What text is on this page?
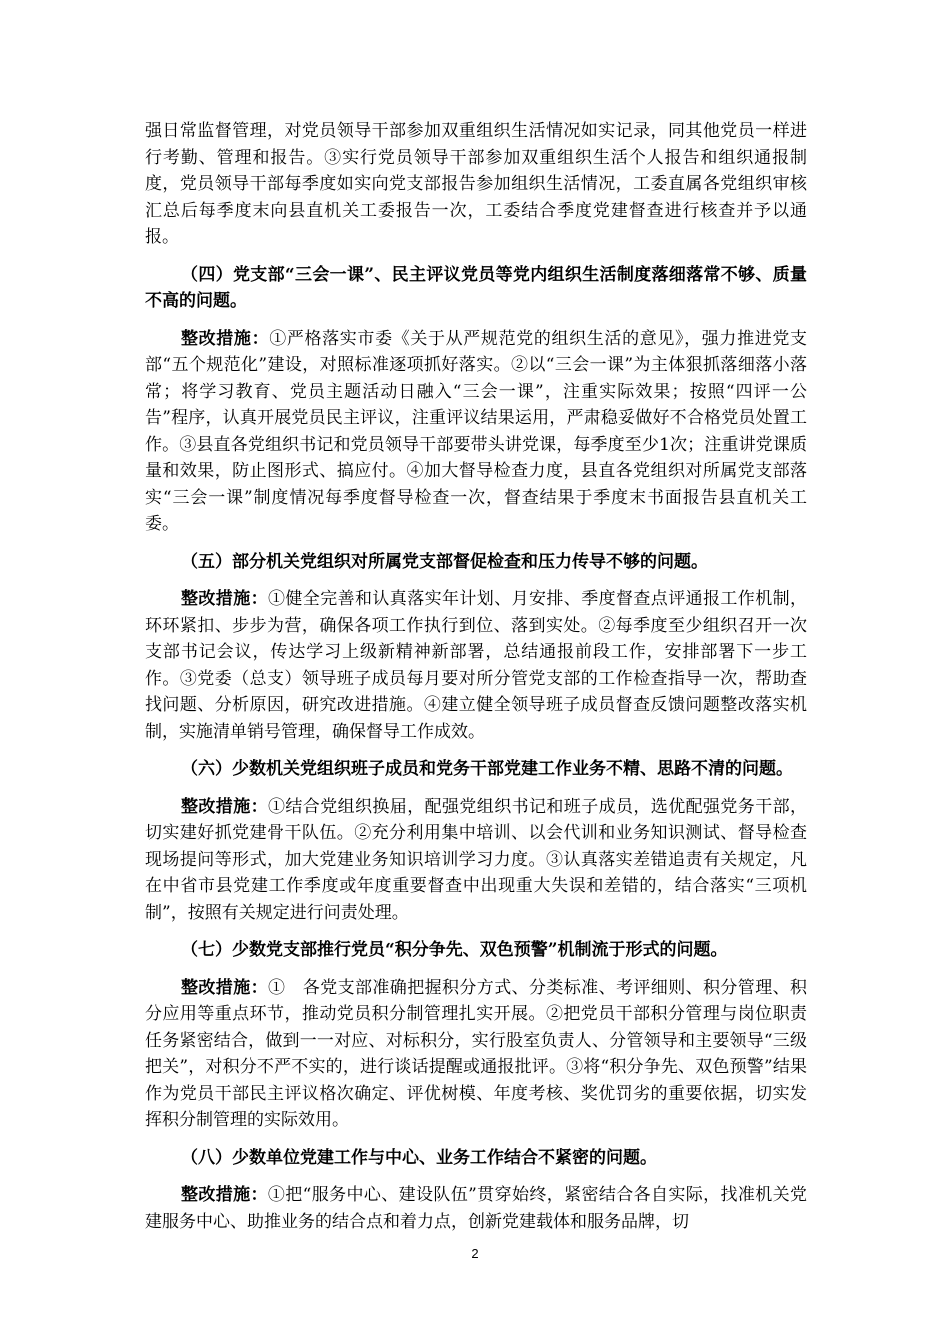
强日常监督管理，对党员领导干部参加双重组织生活情况如实记录，同其他党员一样进行考勤、管理和报告。③实行党员领导干部参加双重组织生活个人报告和组织通报制度，党员领导干部每季度如实向党支部报告参加组织生活情况，工委直属各党组织审核汇总后每季度末向县直机关工委报告一次，工委结合季度党建督查进行核查并予以通报。

（四）党支部“三会一课”、民主评议党员等党内组织生活制度落细落常不够、质量不高的问题。

整改措施：①严格落实市委《关于从严规范党的组织生活的意见》，强力推进党支部“五个规范化”建设，对照标准逐项抓好落实。②以“三会一课”为主体狠抓落细落小落常；将学习教育、党员主题活动日融入“三会一课”，注重实际效果；按照“四评一公告”程序，认真开展党员民主评议，注重评议结果运用，严肃稳妥做好不合格党员处置工作。③县直各党组织书记和党员领导干部要带头讲党课，每季度至少1次；注重讲党课质量和效果，防止图形式、搞应付。④加大督导检查力度，县直各党组织对所属党支部落实“三会一课”制度情况每季度督导检查一次，督查结果于季度末书面报告县直机关工委。

（五）部分机关党组织对所属党支部督促检查和压力传导不够的问题。

整改措施：①健全完善和认真落实年计划、月安排、季度督查点评通报工作机制，环环紧扣、步步为营，确保各项工作执行到位、落到实处。②每季度至少组织召开一次支部书记会议，传达学习上级新精神新部署，总结通报前段工作，安排部署下一步工作。③党委（总支）领导班子成员每月要对所分管党支部的工作检查指导一次，帮助查找问题、分析原因，研究改进措施。④建立健全领导班子成员督查反馈问题整改落实机制，实施清单销号管理，确保督导工作成效。

（六）少数机关党组织班子成员和党务干部党建工作业务不精、思路不清的问题。

整改措施：①结合党组织换届，配强党组织书记和班子成员，选优配强党务干部，切实建好抓党建骨干队伍。②充分利用集中培训、以会代训和业务知识测试、督导检查现场提问等形式，加大党建业务知识培训学习力度。③认真落实差错追责有关规定，凡在中省市县党建工作季度或年度重要督查中出现重大失误和差错的，结合落实“三项机制”，按照有关规定进行问责处理。

（七）少数党支部推行党员“积分争先、双色预警”机制流于形式的问题。

整改措施：①　各党支部准确把握积分方式、分类标准、考评细则、积分管理、积分应用等重点环节，推动党员积分制管理扎实开展。②把党员干部积分管理与岗位职责任务紧密结合，做到一一对应、对标积分，实行股室负责人、分管领导和主要领导“三级把关”，对积分不严不实的，进行谈话提醒或通报批评。③将“积分争先、双色预警”结果作为党员干部民主评议格次确定、评优树模、年度考核、奖优罚劣的重要依据，切实发挥积分制管理的实际效用。

（八）少数单位党建工作与中心、业务工作结合不紧密的问题。

整改措施：①把“服务中心、建设队伍”贯穿始终，紧密结合各自实际，找准机关党建服务中心、助推业务的结合点和着力点，创新党建载体和服务品牌，切

2
